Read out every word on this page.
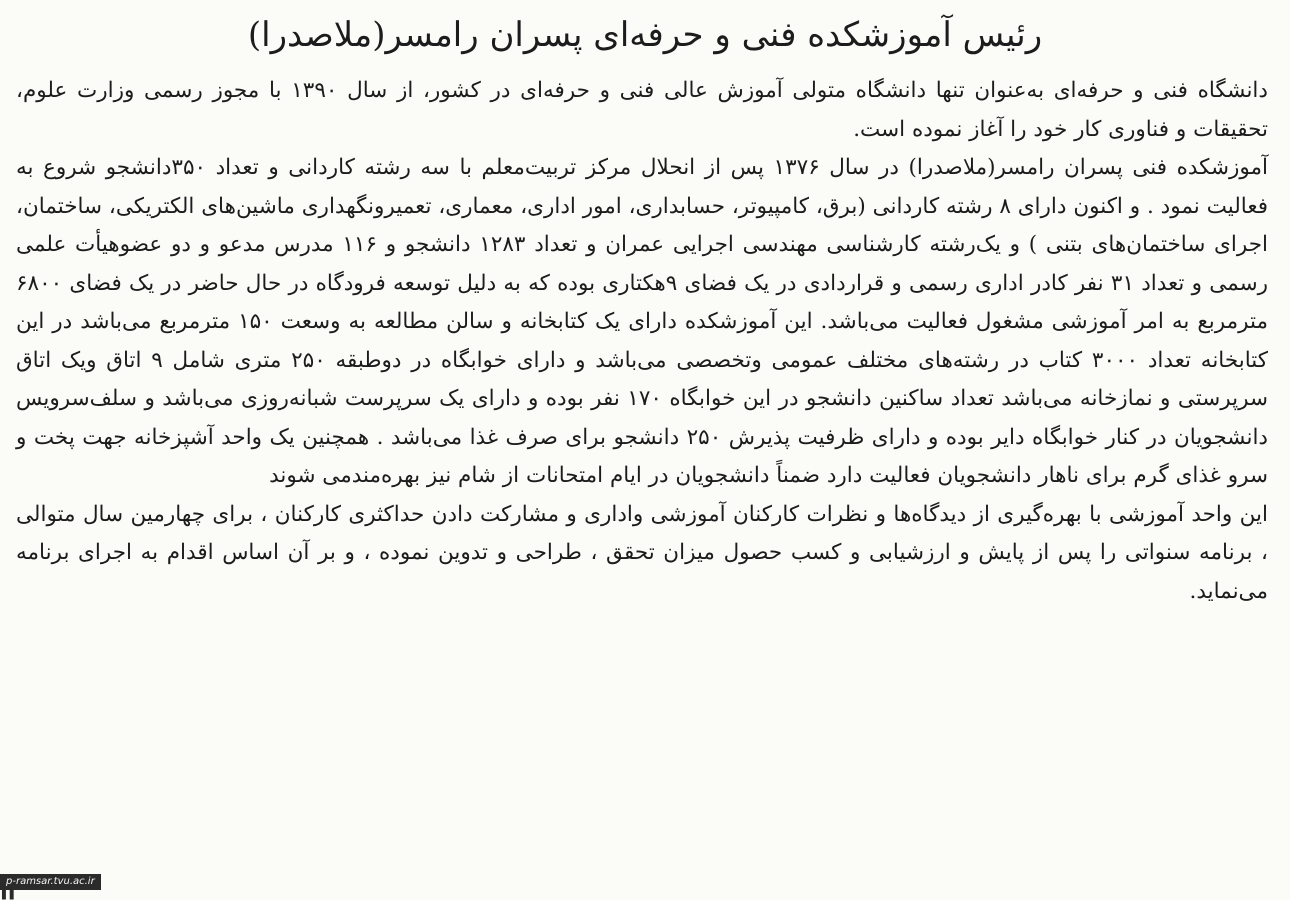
رئیس آموزشکده فنی و حرفه‌ای پسران رامسر(ملاصدرا)

دانشگاه فنی و حرفه‌ای به‌عنوان تنها دانشگاه متولی آموزش عالی فنی و حرفه‌ای در کشور، از سال ۱۳۹۰ با مجوز رسمی وزارت علوم، تحقیقات و فناوری کار خود را آغاز نموده است.

آموزشکده فنی پسران رامسر(ملاصدرا) در سال ۱۳۷۶ پس از انحلال مرکز تربیت‌معلم با سه رشته کاردانی و تعداد ۳۵۰دانشجو شروع به فعالیت نمود . و اکنون دارای ۸ رشته کاردانی (برق، کامپیوتر، حسابداری، امور اداری، معماری، تعمیرونگهداری ماشین‌های الکتریکی، ساختمان، اجرای ساختمان‌های بتنی ) و یک‌رشته کارشناسی مهندسی اجرایی عمران و تعداد ۱۲۸۳ دانشجو و ۱۱۶ مدرس مدعو و دو عضوهیأت علمی رسمی و تعداد ۳۱ نفر کادر اداری رسمی و قراردادی در یک فضای ۹هکتاری بوده که به دلیل توسعه فرودگاه در حال حاضر در یک فضای ۶۸۰۰ مترمربع به امر آموزشی مشغول فعالیت می‌باشد. این آموزشکده دارای یک کتابخانه و سالن مطالعه به وسعت ۱۵۰ مترمربع می‌باشد در این کتابخانه تعداد ۳۰۰۰ کتاب در رشته‌های مختلف عمومی وتخصصی می‌باشد و دارای خوابگاه در دوطبقه ۲۵۰ متری شامل ۹ اتاق ویک اتاق سرپرستی و نمازخانه می‌باشد تعداد ساکنین دانشجو در این خوابگاه ۱۷۰ نفر بوده و دارای یک سرپرست شبانه‌روزی می‌باشد و سلف‌سرویس دانشجویان در کنار خوابگاه دایر بوده و دارای ظرفیت پذیرش ۲۵۰ دانشجو برای صرف غذا می‌باشد . همچنین یک واحد آشپزخانه جهت پخت و سرو غذای گرم برای ناهار دانشجویان فعالیت دارد ضمناً دانشجویان در ایام امتحانات از شام نیز بهره‌مندمی شوند

این واحد آموزشی با بهره‌گیری از دیدگاه‌ها و نظرات کارکنان آموزشی واداری و مشارکت دادن حداکثری کارکنان ، برای چهارمین سال متوالی ، برنامه سنواتی را پس از پایش و ارزشیابی و کسب حصول میزان تحقق ، طراحی و تدوین نموده ، و بر آن اساس اقدام به اجرای برنامه می‌نماید.

p-ramsar.tvu.ac.ir
▌▌
